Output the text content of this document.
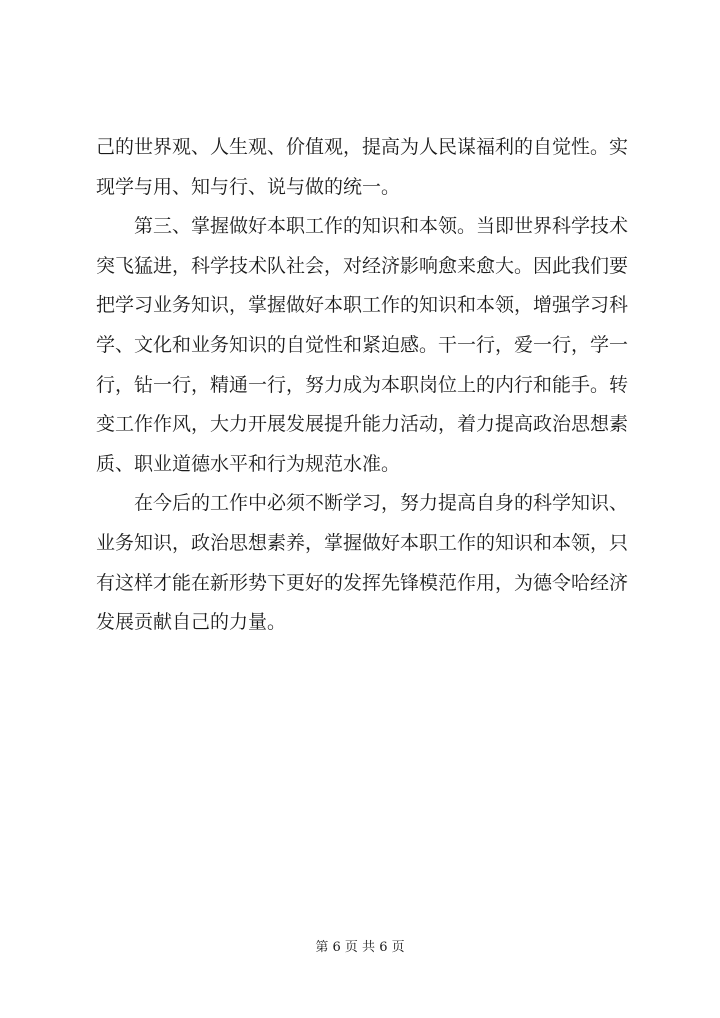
己的世界观、人生观、价值观，提高为人民谋福利的自觉性。实
现学与用、知与行、说与做的统一。
第三、掌握做好本职工作的知识和本领。当即世界科学技术
突飞猛进，科学技术队社会，对经济影响愈来愈大。因此我们要
把学习业务知识，掌握做好本职工作的知识和本领，增强学习科
学、文化和业务知识的自觉性和紧迫感。干一行，爱一行，学一
行，钻一行，精通一行，努力成为本职岗位上的内行和能手。转
变工作作风，大力开展发展提升能力活动，着力提高政治思想素
质、职业道德水平和行为规范水准。
在今后的工作中必须不断学习，努力提高自身的科学知识、
业务知识，政治思想素养，掌握做好本职工作的知识和本领，只
有这样才能在新形势下更好的发挥先锋模范作用，为德令哈经济
发展贡献自己的力量。
第 6 页 共 6 页
